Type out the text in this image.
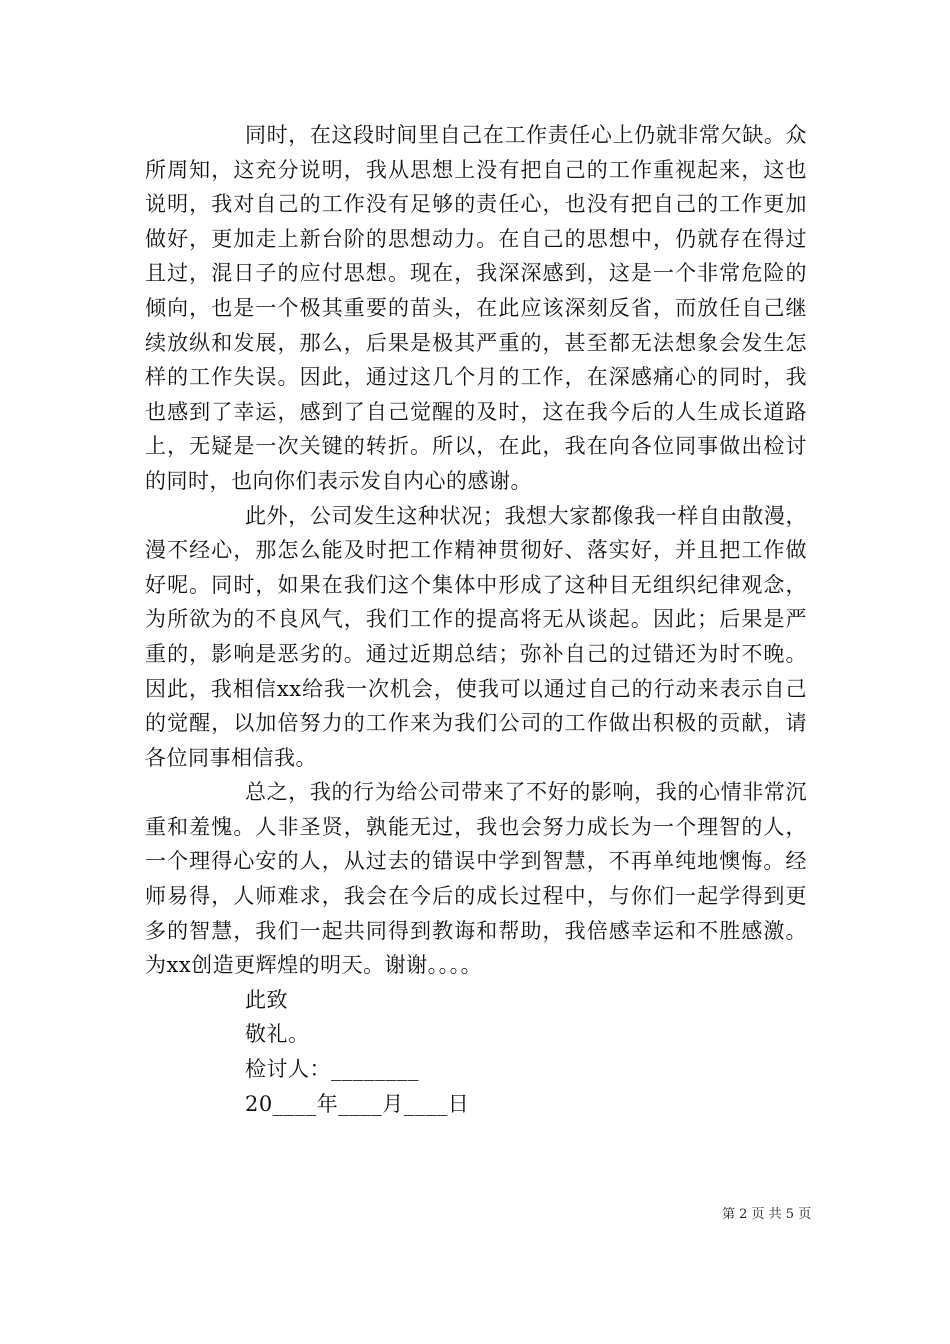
同时，在这段时间里自己在工作责任心上仍就非常欠缺。众所周知，这充分说明，我从思想上没有把自己的工作重视起来，这也说明，我对自己的工作没有足够的责任心，也没有把自己的工作更加做好，更加走上新台阶的思想动力。在自己的思想中，仍就存在得过且过，混日子的应付思想。现在，我深深感到，这是一个非常危险的倾向，也是一个极其重要的苗头，在此应该深刻反省，而放任自己继续放纵和发展，那么，后果是极其严重的，甚至都无法想象会发生怎样的工作失误。因此，通过这几个月的工作，在深感痛心的同时，我也感到了幸运，感到了自己觉醒的及时，这在我今后的人生成长道路上，无疑是一次关键的转折。所以，在此，我在向各位同事做出检讨的同时，也向你们表示发自内心的感谢。

此外，公司发生这种状况；我想大家都像我一样自由散漫，漫不经心，那怎么能及时把工作精神贯彻好、落实好，并且把工作做好呢。同时，如果在我们这个集体中形成了这种目无组织纪律观念，为所欲为的不良风气，我们工作的提高将无从谈起。因此；后果是严重的，影响是恶劣的。通过近期总结；弥补自己的过错还为时不晚。因此，我相信xx给我一次机会，使我可以通过自己的行动来表示自己的觉醒，以加倍努力的工作来为我们公司的工作做出积极的贡献，请各位同事相信我。

总之，我的行为给公司带来了不好的影响，我的心情非常沉重和羞愧。人非圣贤，孰能无过，我也会努力成长为一个理智的人，一个理得心安的人，从过去的错误中学到智慧，不再单纯地懊悔。经师易得，人师难求，我会在今后的成长过程中，与你们一起学得到更多的智慧，我们一起共同得到教诲和帮助，我倍感幸运和不胜感激。为xx创造更辉煌的明天。谢谢。。。。

此致
敬礼。
检讨人：________
20____年____月____日
第 2 页 共 5 页
